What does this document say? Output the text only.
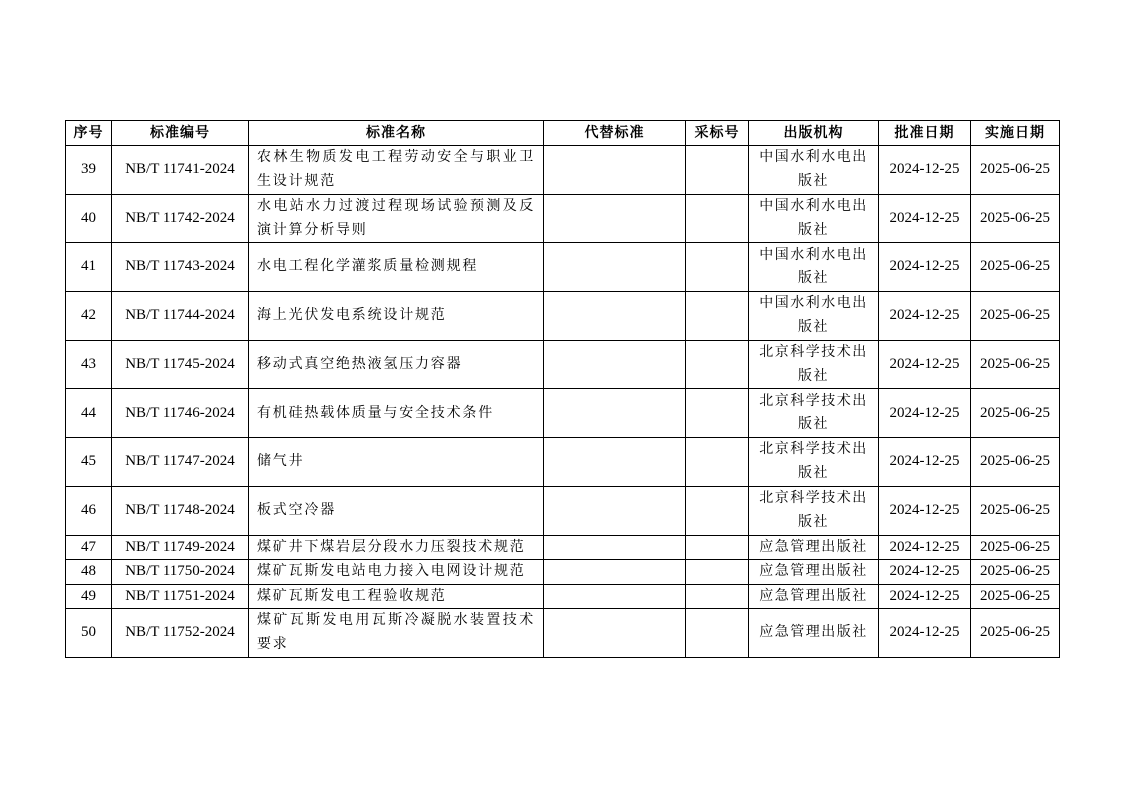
序号	标准编号	标准名称	代替标准	采标号	出版机构	批准日期	实施日期
39	NB/T 11741-2024	农林生物质发电工程劳动安全与职业卫生设计规范			中国水利水电出版社	2024-12-25	2025-06-25
40	NB/T 11742-2024	水电站水力过渡过程现场试验预测及反演计算分析导则			中国水利水电出版社	2024-12-25	2025-06-25
41	NB/T 11743-2024	水电工程化学灌浆质量检测规程			中国水利水电出版社	2024-12-25	2025-06-25
42	NB/T 11744-2024	海上光伏发电系统设计规范			中国水利水电出版社	2024-12-25	2025-06-25
43	NB/T 11745-2024	移动式真空绝热液氢压力容器			北京科学技术出版社	2024-12-25	2025-06-25
44	NB/T 11746-2024	有机硅热载体质量与安全技术条件			北京科学技术出版社	2024-12-25	2025-06-25
45	NB/T 11747-2024	储气井			北京科学技术出版社	2024-12-25	2025-06-25
46	NB/T 11748-2024	板式空冷器			北京科学技术出版社	2024-12-25	2025-06-25
47	NB/T 11749-2024	煤矿井下煤岩层分段水力压裂技术规范			应急管理出版社	2024-12-25	2025-06-25
48	NB/T 11750-2024	煤矿瓦斯发电站电力接入电网设计规范			应急管理出版社	2024-12-25	2025-06-25
49	NB/T 11751-2024	煤矿瓦斯发电工程验收规范			应急管理出版社	2024-12-25	2025-06-25
50	NB/T 11752-2024	煤矿瓦斯发电用瓦斯冷凝脱水装置技术要求			应急管理出版社	2024-12-25	2025-06-25
